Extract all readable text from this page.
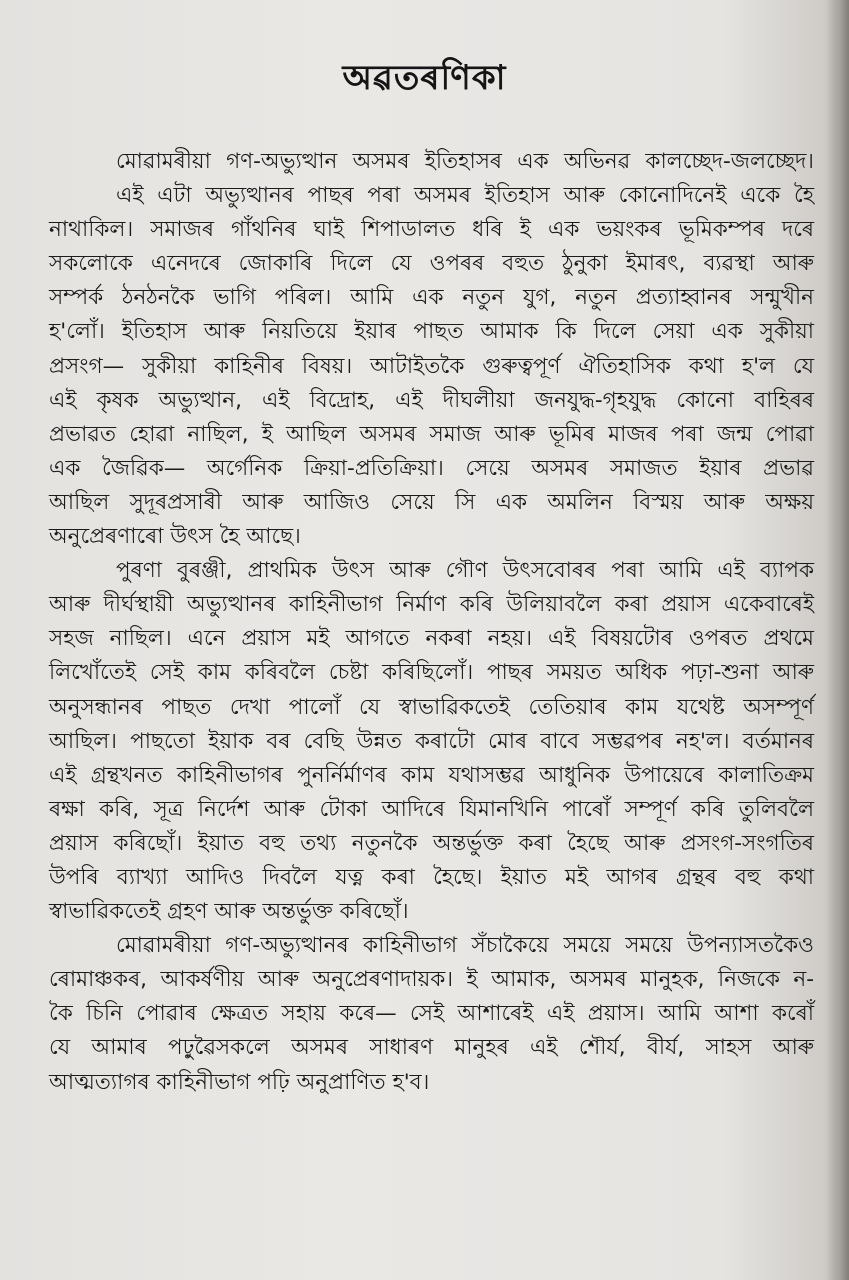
অৱতৰণিকা
মোৱামৰীয়া গণ-অভ্যুত্থান অসমৰ ইতিহাসৰ এক অভিনৱ কালচ্ছেদ-জলচ্ছেদ।
এই এটা অভ্যুত্থানৰ পাছৰ পৰা অসমৰ ইতিহাস আৰু কোনোদিনেই একে হৈ
নাথাকিল। সমাজৰ গাঁথনিৰ ঘাই শিপাডালত ধৰি ই এক ভয়ংকৰ ভূমিকম্পৰ দৰে
সকলোকে এনেদৰে জোকাৰি দিলে যে ওপৰৰ বহুত ঠুনুকা ইমাৰৎ, ব্যৱস্থা আৰু
সম্পৰ্ক ঠনঠনকৈ ভাগি পৰিল। আমি এক নতুন যুগ, নতুন প্ৰত্যাহ্বানৰ সন্মুখীন
হ'লোঁ। ইতিহাস আৰু নিয়তিয়ে ইয়াৰ পাছত আমাক কি দিলে সেয়া এক সুকীয়া
প্ৰসংগ— সুকীয়া কাহিনীৰ বিষয়। আটাইতকৈ গুৰুত্বপূৰ্ণ ঐতিহাসিক কথা হ'ল যে
এই কৃষক অভ্যুত্থান, এই বিদ্ৰোহ, এই দীঘলীয়া জনযুদ্ধ-গৃহযুদ্ধ কোনো বাহিৰৰ
প্ৰভাৱত হোৱা নাছিল, ই আছিল অসমৰ সমাজ আৰু ভূমিৰ মাজৰ পৰা জন্ম পোৱা
এক জৈৱিক— অৰ্গেনিক ক্ৰিয়া-প্ৰতিক্ৰিয়া। সেয়ে অসমৰ সমাজত ইয়াৰ প্ৰভাৱ
আছিল সুদূৰপ্ৰসাৰী আৰু আজিও সেয়ে সি এক অমলিন বিস্ময় আৰু অক্ষয়
অনুপ্ৰেৰণাৰো উৎস হৈ আছে।
পুৰণা বুৰঞ্জী, প্ৰাথমিক উৎস আৰু গৌণ উৎসবোৰৰ পৰা আমি এই ব্যাপক
আৰু দীৰ্ঘস্থায়ী অভ্যুত্থানৰ কাহিনীভাগ নিৰ্মাণ কৰি উলিয়াবলৈ কৰা প্ৰয়াস একেবাৰেই
সহজ নাছিল। এনে প্ৰয়াস মই আগতে নকৰা নহয়। এই বিষয়টোৰ ওপৰত প্ৰথমে
লিখোঁতেই সেই কাম কৰিবলৈ চেষ্টা কৰিছিলোঁ। পাছৰ সময়ত অধিক পঢ়া-শুনা আৰু
অনুসন্ধানৰ পাছত দেখা পালোঁ যে স্বাভাৱিকতেই তেতিয়াৰ কাম যথেষ্ট অসম্পূৰ্ণ
আছিল। পাছতো ইয়াক বৰ বেছি উন্নত কৰাটো মোৰ বাবে সম্ভৱপৰ নহ'ল। বৰ্তমানৰ
এই গ্ৰন্থখনত কাহিনীভাগৰ পুনৰ্নিৰ্মাণৰ কাম যথাসম্ভৱ আধুনিক উপায়েৰে কালাতিক্ৰম
ৰক্ষা কৰি, সূত্ৰ নিৰ্দেশ আৰু টোকা আদিৰে যিমানখিনি পাৰোঁ সম্পূৰ্ণ কৰি তুলিবলৈ
প্ৰয়াস কৰিছোঁ। ইয়াত বহু তথ্য নতুনকৈ অন্তৰ্ভুক্ত কৰা হৈছে আৰু প্ৰসংগ-সংগতিৰ
উপৰি ব্যাখ্যা আদিও দিবলৈ যত্ন কৰা হৈছে। ইয়াত মই আগৰ গ্ৰন্থৰ বহু কথা
স্বাভাৱিকতেই গ্ৰহণ আৰু অন্তৰ্ভুক্ত কৰিছোঁ।
মোৱামৰীয়া গণ-অভ্যুত্থানৰ কাহিনীভাগ সঁচাকৈয়ে সময়ে সময়ে উপন্যাসতকৈও
ৰোমাঞ্চকৰ, আকৰ্ষণীয় আৰু অনুপ্ৰেৰণাদায়ক। ই আমাক, অসমৰ মানুহক, নিজকে ন-
কৈ চিনি পোৱাৰ ক্ষেত্ৰত সহায় কৰে— সেই আশাৰেই এই প্ৰয়াস। আমি আশা কৰোঁ
যে আমাৰ পঢ়ুৱৈসকলে অসমৰ সাধাৰণ মানুহৰ এই শৌৰ্য, বীৰ্য, সাহস আৰু
আত্মত্যাগৰ কাহিনীভাগ পঢ়ি অনুপ্ৰাণিত হ'ব।
